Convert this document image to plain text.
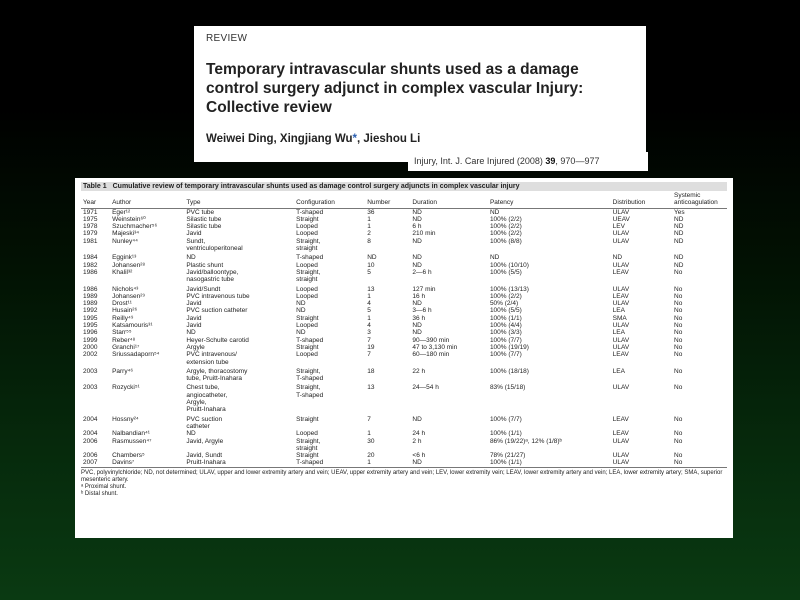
REVIEW
Temporary intravascular shunts used as a damage control surgery adjunct in complex vascular Injury: Collective review
Weiwei Ding, Xingjiang Wu*, Jieshou Li
Injury, Int. J. Care Injured (2008) 39, 970—977
Table 1 Cumulative review of temporary intravascular shunts used as damage control surgery adjuncts in complex vascular injury
Year	Author	Type	Configuration	Number	Duration	Patency	Distribution	Systemic anticoagulation
1971	Eger¹²	PVC tube	T-shaped	36	ND	ND	ULAV	Yes
1975	Weinstein⁶⁰	Silastic tube	Straight	1	ND	100% (2/2)	UEAV	ND
1978	Szuchmacher⁵⁶	Silastic tube	Looped	1	6 h	100% (2/2)	LEV	ND
1979	Majeski³⁴	Javid	Looped	2	210 min	100% (2/2)	ULAV	ND
1981	Nunley⁴⁴	Sundt,
ventriculoperitoneal	Straight,
straight	8	ND	100% (8/8)	ULAV	ND
1984	Eggink¹³	ND	T-shaped	ND	ND	ND	ND	ND
1982	Johansen²⁸	Plastic shunt	Looped	10	ND	100% (10/10)	ULAV	ND
1986	Khalil³²	Javid/balloontype,
nasogastric tube	Straight,
straight	5	2—6 h	100% (5/5)	LEAV	No
1986	Nichols⁴³	Javid/Sundt	Looped	13	127 min	100% (13/13)	ULAV	No
1989	Johansen²⁹	PVC intravenous tube	Looped	1	16 h	100% (2/2)	LEAV	No
1989	Drost¹¹	Javid	ND	4	ND	50% (2/4)	ULAV	No
1992	Husain²⁶	PVC suction catheter	ND	5	3—6 h	100% (5/5)	LEA	No
1995	Reilly⁴⁹	Javid	Straight	1	36 h	100% (1/1)	SMA	No
1995	Katsamouris³¹	Javid	Looped	4	ND	100% (4/4)	ULAV	No
1996	Starr⁵⁵	ND	ND	3	ND	100% (3/3)	LEA	No
1999	Reber⁴⁸	Heyer-Schulte carotid	T-shaped	7	90—390 min	100% (7/7)	ULAV	No
2000	Granchi¹⁷	Argyle	Straight	19	47 to 3,130 min	100% (19/19)	ULAV	No
2002	Sriussadaporn⁵⁴	PVC intravenous/
extension tube	Looped	7	60—180 min	100% (7/7)	LEAV	No
2003	Parry⁴⁶	Argyle, thoracostomy
tube, Pruitt-Inahara	Straight,
T-shaped	18	22 h	100% (18/18)	LEA	No
2003	Rozycki⁵¹	Chest tube,
angiocatheter,
Argyle,
Pruitt-Inahara	Straight,
T-shaped	13	24—54 h	83% (15/18)	ULAV	No
2004	Hossny²⁴	PVC suction
catheter	Straight	7	ND	100% (7/7)	LEAV	No
2004	Nalbandian⁴¹	ND	Looped	1	24 h	100% (1/1)	LEAV	No
2006	Rasmussen⁴⁷	Javid, Argyle	Straight,
straight	30	2 h	86% (19/22)ᵃ, 12% (1/8)ᵇ	ULAV	No
2006	Chambers⁵	Javid, Sundt	Straight	20	<6 h	78% (21/27)	ULAV	No
2007	Davins⁷	Pruitt-Inahara	T-shaped	1	ND	100% (1/1)	ULAV	No
PVC, polyvinylchloride; ND, not determined; ULAV, upper and lower extremity artery and vein; UEAV, upper extremity artery and vein; LEV, lower extremity vein; LEAV, lower extremity artery and vein; LEA, lower extremity artery; SMA, superior mesenteric artery.
ᵃ Proximal shunt.
ᵇ Distal shunt.
